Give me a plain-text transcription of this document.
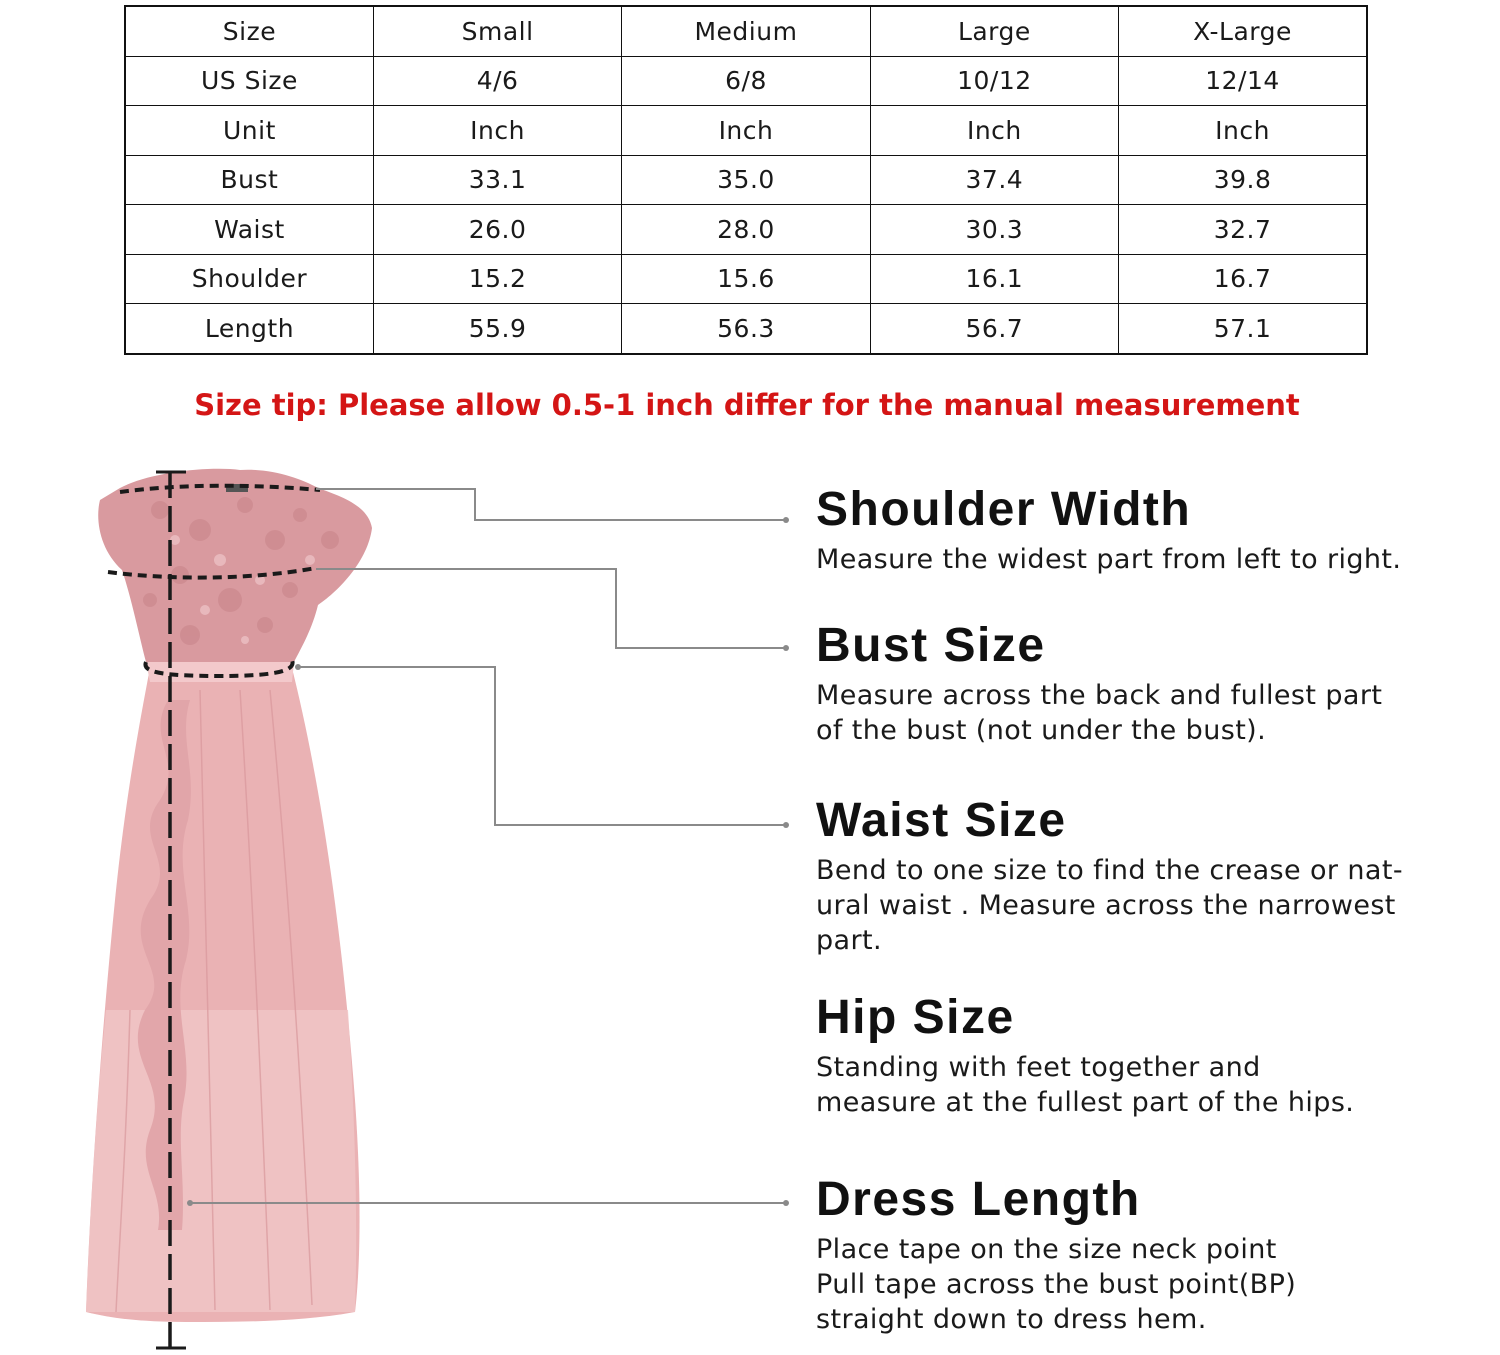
Size	Small	Medium	Large	X-Large
US Size	4/6	6/8	10/12	12/14
Unit	Inch	Inch	Inch	Inch
Bust	33.1	35.0	37.4	39.8
Waist	26.0	28.0	30.3	32.7
Shoulder	15.2	15.6	16.1	16.7
Length	55.9	56.3	56.7	57.1
Size tip: Please allow 0.5-1 inch differ for the manual measurement
Shoulder Width
Measure the widest part from left to right.
Bust Size
Measure across the back and fullest part
of the bust (not under the bust).
Waist Size
Bend to one size to find the crease or nat-
ural waist . Measure across the narrowest
part.
Hip Size
Standing with feet together and
measure at the fullest part of the hips.
Dress Length
Place tape on the size neck point
Pull tape across the bust point(BP)
straight down to dress hem.
